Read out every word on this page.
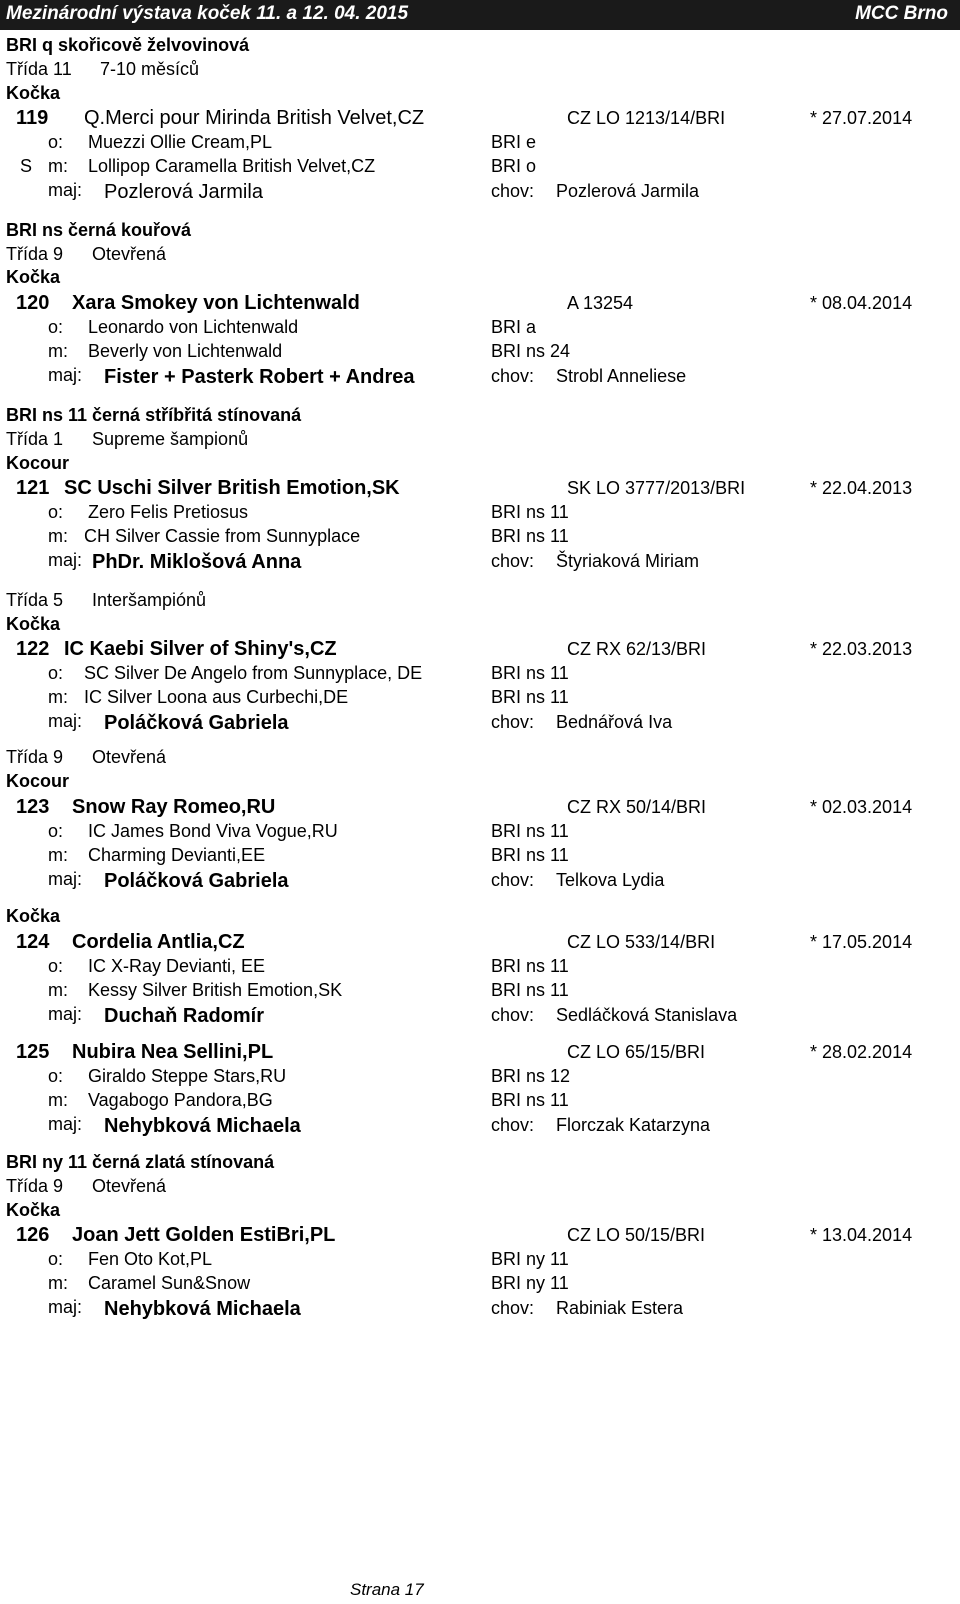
Mezinárodní výstava koček 11. a 12. 04. 2015	MCC Brno
BRI q skořicově želvovinová
Třída 11 7-10 měsíců
Kočka
119 Q.Merci pour Mirinda British Velvet,CZ	CZ LO 1213/14/BRI	* 27.07.2014
o: Muezzi Ollie Cream,PL	BRI e
S m: Lollipop Caramella British Velvet,CZ	BRI o
maj: Pozlerová Jarmila	chov: Pozlerová Jarmila
BRI ns černá kouřová
Třída 9 Otevřená
Kočka
120 Xara Smokey von Lichtenwald	A 13254	* 08.04.2014
o: Leonardo von Lichtenwald	BRI a
m: Beverly von Lichtenwald	BRI ns 24
maj: Fister + Pasterk Robert + Andrea	chov: Strobl Anneliese
BRI ns 11 černá stříbřitá stínovaná
Třída 1 Supreme šampionů
Kocour
121 SC Uschi Silver British Emotion,SK	SK LO 3777/2013/BRI	* 22.04.2013
o: Zero Felis Pretiosus	BRI ns 11
m: CH Silver Cassie from Sunnyplace	BRI ns 11
maj: PhDr. Miklošová Anna	chov: Štyriaková Miriam
Třída 5 Interšampiónů
Kočka
122 IC Kaebi Silver of Shiny's,CZ	CZ RX 62/13/BRI	* 22.03.2013
o: SC Silver De Angelo from Sunnyplace, DE	BRI ns 11
m: IC Silver Loona aus Curbechi,DE	BRI ns 11
maj: Poláčková Gabriela	chov: Bednářová Iva
Třída 9 Otevřená
Kocour
123 Snow Ray Romeo,RU	CZ RX 50/14/BRI	* 02.03.2014
o: IC James Bond Viva Vogue,RU	BRI ns 11
m: Charming Devianti,EE	BRI ns 11
maj: Poláčková Gabriela	chov: Telkova Lydia
Kočka
124 Cordelia Antlia,CZ	CZ LO 533/14/BRI	* 17.05.2014
o: IC X-Ray Devianti, EE	BRI ns 11
m: Kessy Silver British Emotion,SK	BRI ns 11
maj: Duchaň Radomír	chov: Sedláčková Stanislava
125 Nubira Nea Sellini,PL	CZ LO 65/15/BRI	* 28.02.2014
o: Giraldo Steppe Stars,RU	BRI ns 12
m: Vagabogo Pandora,BG	BRI ns 11
maj: Nehybková Michaela	chov: Florczak Katarzyna
BRI ny 11 černá zlatá stínovaná
Třída 9 Otevřená
Kočka
126 Joan Jett Golden EstiBri,PL	CZ LO 50/15/BRI	* 13.04.2014
o: Fen Oto Kot,PL	BRI ny 11
m: Caramel Sun&Snow	BRI ny 11
maj: Nehybková Michaela	chov: Rabiniak Estera
Strana 17
